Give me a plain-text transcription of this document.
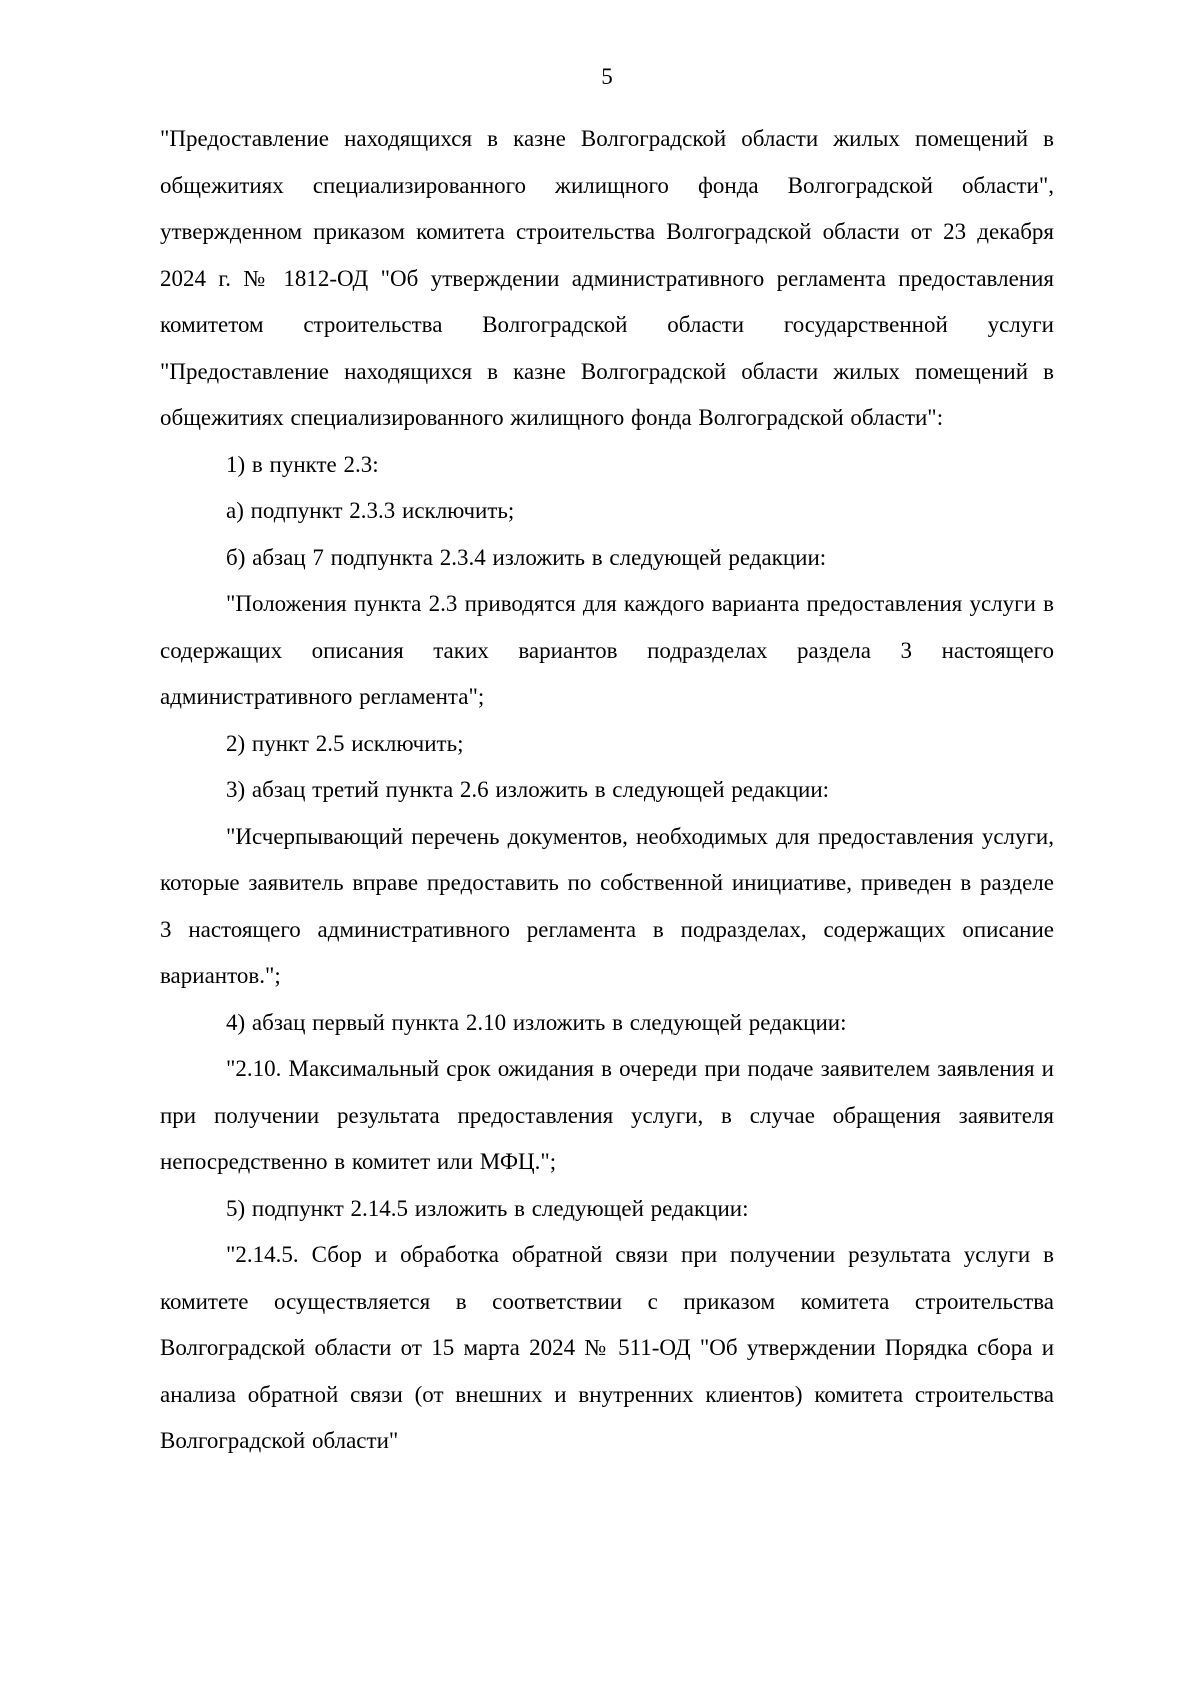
5

"Предоставление находящихся в казне Волгоградской области жилых помещений в общежитиях специализированного жилищного фонда Волгоградской области", утвержденном приказом комитета строительства Волгоградской области от 23 декабря 2024 г. № 1812-ОД "Об утверждении административного регламента предоставления комитетом строительства Волгоградской области государственной услуги "Предоставление находящихся в казне Волгоградской области жилых помещений в общежитиях специализированного жилищного фонда Волгоградской области":

1) в пункте 2.3:

а) подпункт 2.3.3 исключить;

б) абзац 7 подпункта 2.3.4 изложить в следующей редакции:

"Положения пункта 2.3 приводятся для каждого варианта предоставления услуги в содержащих описания таких вариантов подразделах раздела 3 настоящего административного регламента";

2) пункт 2.5 исключить;

3) абзац третий пункта 2.6 изложить в следующей редакции:

"Исчерпывающий перечень документов, необходимых для предоставления услуги, которые заявитель вправе предоставить по собственной инициативе, приведен в разделе 3 настоящего административного регламента в подразделах, содержащих описание вариантов.";

4) абзац первый пункта 2.10 изложить в следующей редакции:

"2.10. Максимальный срок ожидания в очереди при подаче заявителем заявления и при получении результата предоставления услуги, в случае обращения заявителя непосредственно в комитет или МФЦ.";

5) подпункт 2.14.5 изложить в следующей редакции:

"2.14.5. Сбор и обработка обратной связи при получении результата услуги в комитете осуществляется в соответствии с приказом комитета строительства Волгоградской области от 15 марта 2024 № 511-ОД "Об утверждении Порядка сбора и анализа обратной связи (от внешних и внутренних клиентов) комитета строительства Волгоградской области"
